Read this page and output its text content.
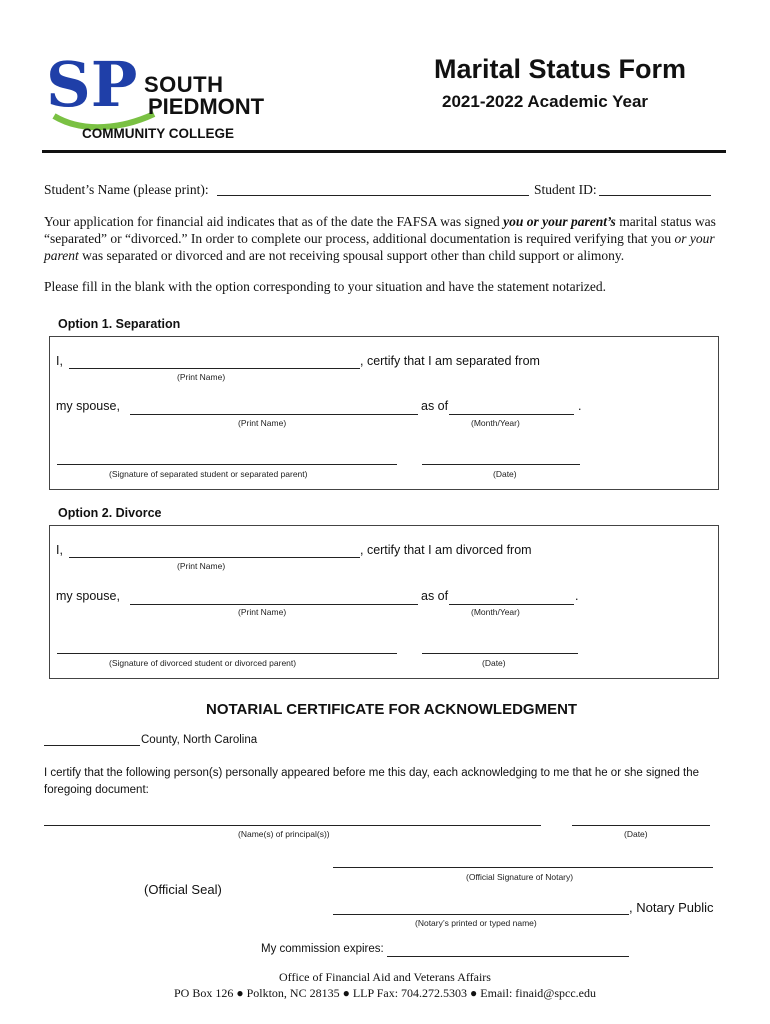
SP SOUTH
PIEDMONT
COMMUNITY COLLEGE
Marital Status Form
2021-2022 Academic Year
Student’s Name (please print):	Student ID:
Your application for financial aid indicates that as of the date the FAFSA was signed you or your parent’s marital status was “separated” or “divorced.” In order to complete our process, additional documentation is required verifying that you or your parent was separated or divorced and are not receiving spousal support other than child support or alimony.
Please fill in the blank with the option corresponding to your situation and have the statement notarized.
Option 1. Separation
I,	, certify that I am separated from
(Print Name)
my spouse,	as of	.
(Print Name)	(Month/Year)
(Signature of separated student or separated parent)	(Date)
Option 2. Divorce
I,	, certify that I am divorced from
(Print Name)
my spouse,	as of	.
(Print Name)	(Month/Year)
(Signature of divorced student or divorced parent)	(Date)
NOTARIAL CERTIFICATE FOR ACKNOWLEDGMENT
County, North Carolina
I certify that the following person(s) personally appeared before me this day, each acknowledging to me that he or she signed the foregoing document:
(Name(s) of principal(s))	(Date)
(Official Signature of Notary)
(Official Seal)
, Notary Public
(Notary’s printed or typed name)
My commission expires:
Office of Financial Aid and Veterans Affairs
PO Box 126 ● Polkton, NC 28135 ● LLP Fax: 704.272.5303 ● Email: finaid@spcc.edu
